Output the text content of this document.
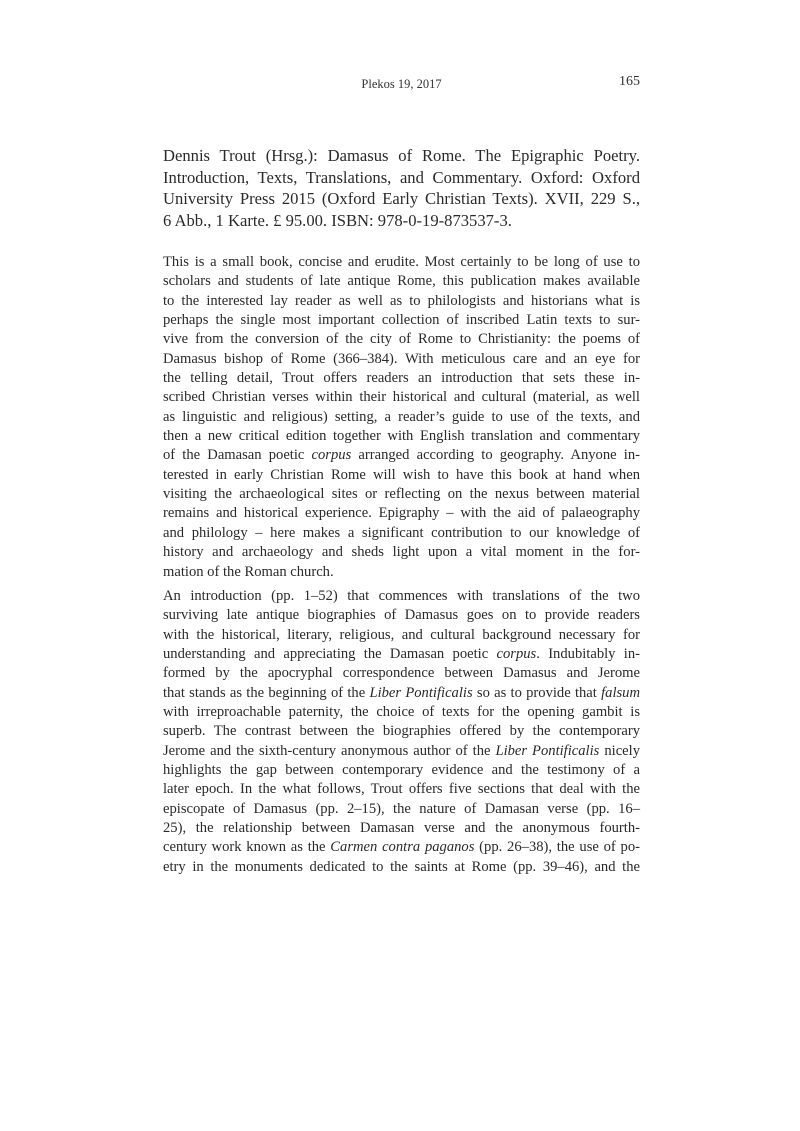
Plekos 19, 2017	165
Dennis Trout (Hrsg.): Damasus of Rome. The Epigraphic Poetry.
Introduction, Texts, Translations, and Commentary. Oxford: Oxford
University Press 2015 (Oxford Early Christian Texts). XVII, 229 S.,
6 Abb., 1 Karte. £ 95.00. ISBN: 978-0-19-873537-3.

This is a small book, concise and erudite. Most certainly to be long of use to
scholars and students of late antique Rome, this publication makes available
to the interested lay reader as well as to philologists and historians what is
perhaps the single most important collection of inscribed Latin texts to sur-
vive from the conversion of the city of Rome to Christianity: the poems of
Damasus bishop of Rome (366–384). With meticulous care and an eye for
the telling detail, Trout offers readers an introduction that sets these in-
scribed Christian verses within their historical and cultural (material, as well
as linguistic and religious) setting, a reader’s guide to use of the texts, and
then a new critical edition together with English translation and commentary
of the Damasan poetic corpus arranged according to geography. Anyone in-
terested in early Christian Rome will wish to have this book at hand when
visiting the archaeological sites or reflecting on the nexus between material
remains and historical experience. Epigraphy – with the aid of palaeography
and philology – here makes a significant contribution to our knowledge of
history and archaeology and sheds light upon a vital moment in the for-
mation of the Roman church.

An introduction (pp. 1–52) that commences with translations of the two
surviving late antique biographies of Damasus goes on to provide readers
with the historical, literary, religious, and cultural background necessary for
understanding and appreciating the Damasan poetic corpus. Indubitably in-
formed by the apocryphal correspondence between Damasus and Jerome
that stands as the beginning of the Liber Pontificalis so as to provide that falsum
with irreproachable paternity, the choice of texts for the opening gambit is
superb. The contrast between the biographies offered by the contemporary
Jerome and the sixth-century anonymous author of the Liber Pontificalis nicely
highlights the gap between contemporary evidence and the testimony of a
later epoch. In the what follows, Trout offers five sections that deal with the
episcopate of Damasus (pp. 2–15), the nature of Damasan verse (pp. 16–
25), the relationship between Damasan verse and the anonymous fourth-
century work known as the Carmen contra paganos (pp. 26–38), the use of po-
etry in the monuments dedicated to the saints at Rome (pp. 39–46), and the
